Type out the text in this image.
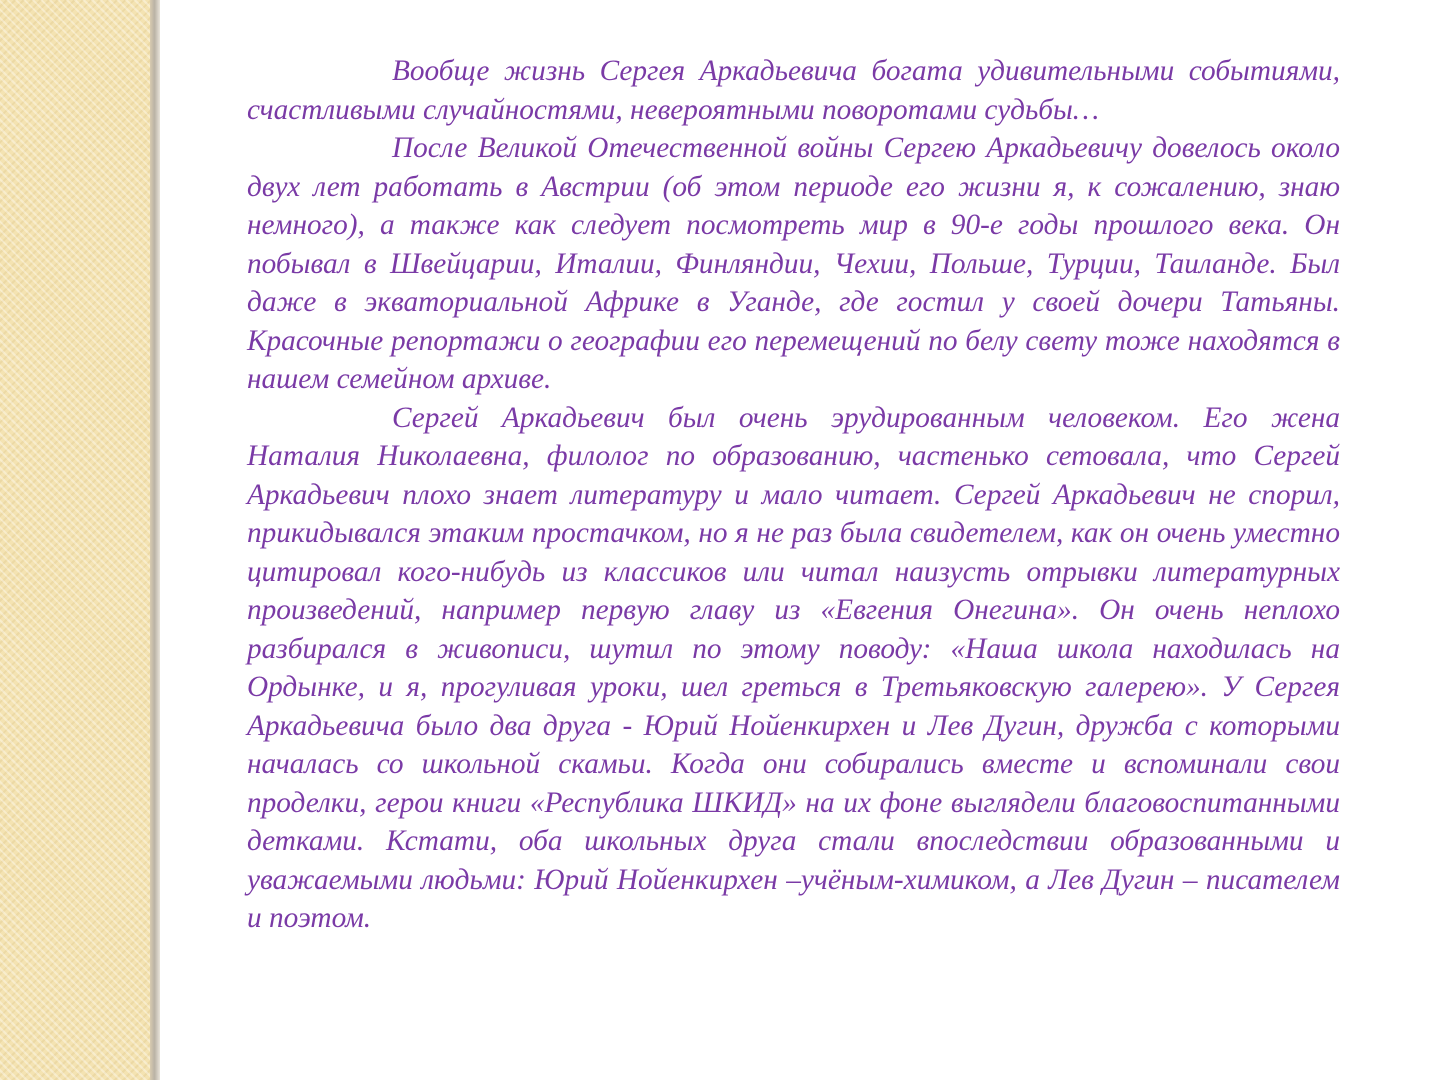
Вообще жизнь Сергея Аркадьевича богата удивительными событиями, счастливыми случайностями, невероятными поворотами судьбы…

После Великой Отечественной войны Сергею Аркадьевичу довелось около двух лет работать в Австрии (об этом периоде его жизни я, к сожалению, знаю немного), а также как следует посмотреть мир в 90-е годы прошлого века. Он побывал в Швейцарии, Италии, Финляндии, Чехии, Польше, Турции, Таиланде. Был даже в экваториальной Африке в Уганде, где гостил у своей дочери Татьяны. Красочные репортажи о географии его перемещений по белу свету тоже находятся в нашем семейном архиве.

Сергей Аркадьевич был очень эрудированным человеком. Его жена Наталия Николаевна, филолог по образованию, частенько сетовала, что Сергей Аркадьевич плохо знает литературу и мало читает. Сергей Аркадьевич не спорил, прикидывался этаким простачком, но я не раз была свидетелем, как он очень уместно цитировал кого-нибудь из классиков или читал наизусть отрывки литературных произведений, например первую главу из «Евгения Онегина». Он очень неплохо разбирался в живописи, шутил по этому поводу: «Наша школа находилась на Ордынке, и я, прогуливая уроки, шел греться в Третьяковскую галерею». У Сергея Аркадьевича было два друга - Юрий Нойенкирхен и Лев Дугин, дружба с которыми началась со школьной скамьи. Когда они собирались вместе и вспоминали свои проделки, герои книги «Республика ШКИД» на их фоне выглядели благовоспитанными детками. Кстати, оба школьных друга стали впоследствии образованными и уважаемыми людьми: Юрий Нойенкирхен –учёным-химиком, а Лев Дугин – писателем и поэтом.
